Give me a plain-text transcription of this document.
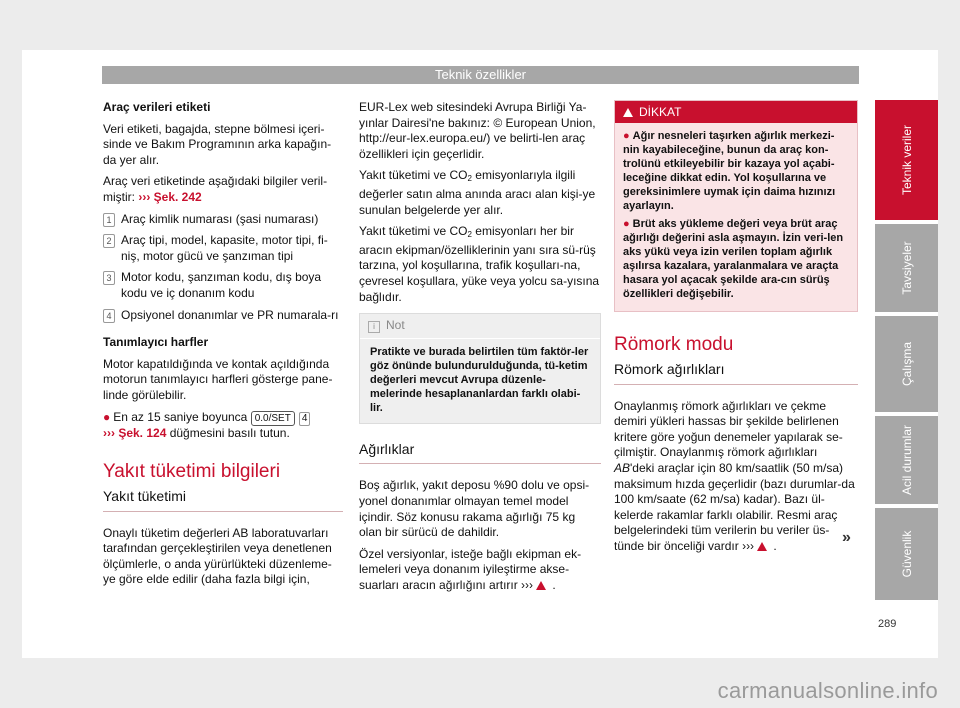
Teknik özellikler

Araç verileri etiketi

Veri etiketi, bagajda, stepne bölmesi içeri-sinde ve Bakım Programının arka kapağın-da yer alır.

Araç veri etiketinde aşağıdaki bilgiler veril-miştir: ››› Şek. 242

1 Araç kimlik numarası (şasi numarası)
2 Araç tipi, model, kapasite, motor tipi, fi-niş, motor gücü ve şanzıman tipi
3 Motor kodu, şanzıman kodu, dış boya kodu ve iç donanım kodu
4 Opsiyonel donanımlar ve PR numarala-rı

Tanımlayıcı harfler

Motor kapatıldığında ve kontak açıldığında motorun tanımlayıcı harfleri gösterge pane-linde görülebilir.

● En az 15 saniye boyunca 0.0/SET 4
››› Şek. 124 düğmesini basılı tutun.

Yakıt tüketimi bilgileri
Yakıt tüketimi

Onaylı tüketim değerleri AB laboratuvarları tarafından gerçekleştirilen veya denetlenen ölçümlerle, o anda yürürlükteki düzenleme-ye göre elde edilir (daha fazla bilgi için,

EUR-Lex web sitesindeki Avrupa Birliği Ya-yınlar Dairesi'ne bakınız: © European Union, http://eur-lex.europa.eu/) ve belirti-len araç özellikleri için geçerlidir.

Yakıt tüketimi ve $CO_2$ emisyonlarıyla ilgili değerler satın alma anında aracı alan kişi-ye sunulan belgelerde yer alır.

Yakıt tüketimi ve $CO_2$ emisyonları her bir aracın ekipman/özelliklerinin yanı sıra sü-rüş tarzına, yol koşullarına, trafik koşulları-na, çevresel koşullara, yüke veya yolcu sa-yısına bağlıdır.

i Not
Pratikte ve burada belirtilen tüm faktör-ler göz önünde bulundurulduğunda, tü-ketim değerleri mevcut Avrupa düzenle-melerinde hesaplananlardan farklı olabi-lir.
Ağırlıklar

Boş ağırlık, yakıt deposu %90 dolu ve opsi-yonel donanımlar olmayan temel model içindir. Söz konusu rakama ağırlığı 75 kg olan bir sürücü de dahildir.

Özel versiyonlar, isteğe bağlı ekipman ek-lemeleri veya donanım iyileştirme akse-suarları aracın ağırlığını artırır ››› .

DİKKAT

● Ağır nesneleri taşırken ağırlık merkezi-nin kayabileceğine, bunun da araç kon-trolünü etkileyebilir bir kazaya yol açabi-leceğine dikkat edin. Yol koşullarına ve gereksinimlere uymak için daima hızınızı ayarlayın.

● Brüt aks yükleme değeri veya brüt araç ağırlığı değerini asla aşmayın. İzin veri-len aks yükü veya izin verilen toplam ağırlık aşılırsa kazalara, yaralanmalara ve araçta hasara yol açacak şekilde ara-cın sürüş özellikleri değişebilir.

Römork modu
Römork ağırlıkları

Onaylanmış römork ağırlıkları ve çekme demiri yükleri hassas bir şekilde belirlenen kritere göre yoğun denemeler yapılarak se-çilmiştir. Onaylanmış römork ağırlıkları AB'deki araçlar için 80 km/saatlik (50 m/sa) maksimum hızda geçerlidir (bazı durumlar-da 100 km/saate (62 m/sa) kadar). Bazı ül-kelerde rakamlar farklı olabilir. Resmi araç belgelerindeki tüm verilerin bu veriler üs-tünde bir önceliği vardır ››› .	»
Teknik veriler
Tavsiyeler
Çalışma
Acil durumlar
Güvenlik
289
carmanualsonline.info
